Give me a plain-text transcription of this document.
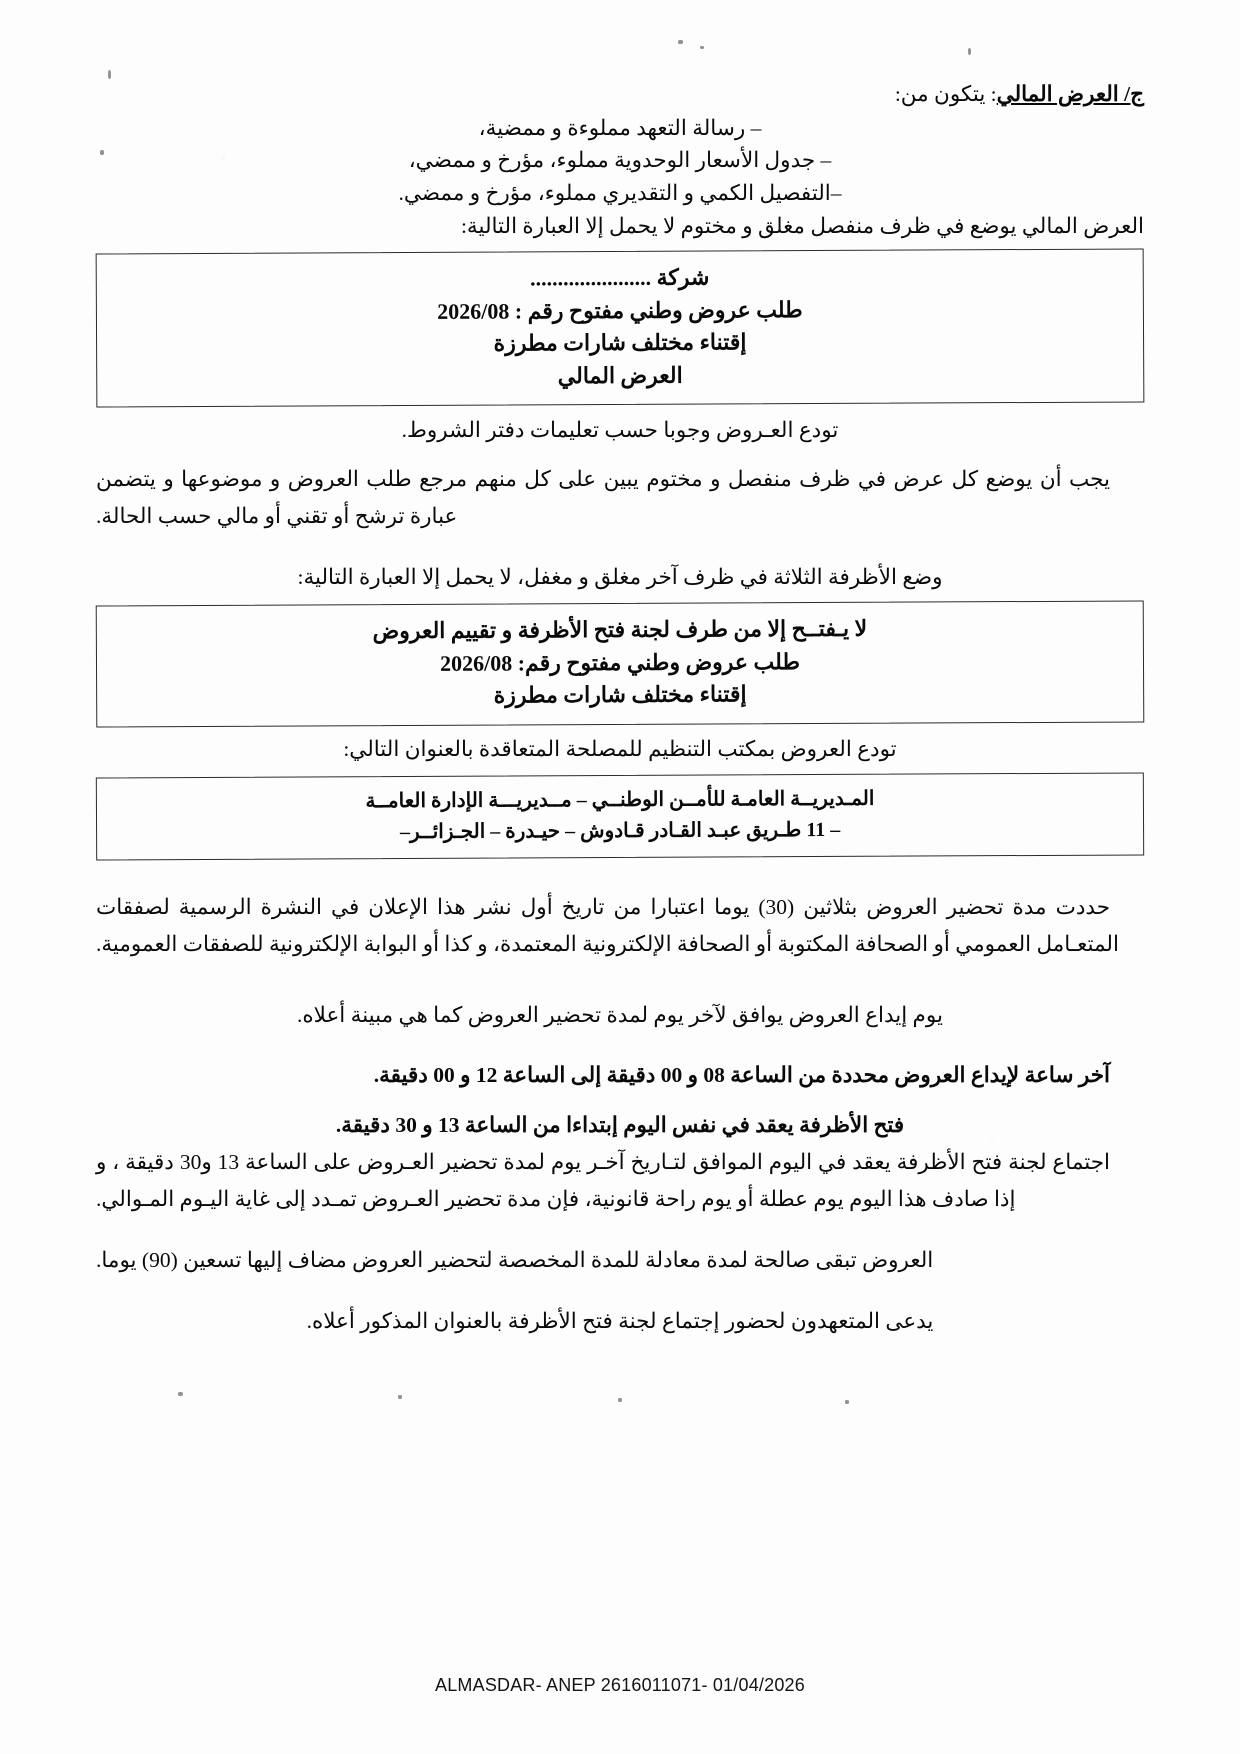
ج/ العرض المالي: يتكون من:
– رسالة التعهد مملوءة و ممضية،
– جدول الأسعار الوحدوية مملوء، مؤرخ و ممضي،
–التفصيل الكمي و التقديري مملوء، مؤرخ و ممضي.
العرض المالي يوضع في ظرف منفصل مغلق و مختوم لا يحمل إلا العبارة التالية:
شركة ......................
طلب عروض وطني مفتوح رقم : 2026/08
إقتناء مختلف شارات مطرزة
العرض المالي
تودع العـروض وجوبا حسب تعليمات دفتر الشروط.

يجب أن يوضع كل عرض في ظرف منفصل و مختوم يبين على كل منهم مرجع طلب العروض و موضوعها و يتضمن عبارة ترشح أو تقني أو مالي حسب الحالة.

وضع الأظرفة الثلاثة في ظرف آخر مغلق و مغفل، لا يحمل إلا العبارة التالية:
لا يـفتــح إلا من طرف لجنة فتح الأظرفة و تقييم العروض
طلب عروض وطني مفتوح رقم: 2026/08
إقتناء مختلف شارات مطرزة
تودع العروض بمكتب التنظيم للمصلحة المتعاقدة بالعنوان التالي:
المـديريــة العامـة للأمــن الوطنــي – مــديريـــة الإدارة العامــة
– 11 طـريق عبـد القـادر قـادوش – حيـدرة – الجـزائــر–

حددت مدة تحضير العروض بثلاثين (30) يوما اعتبارا من تاريخ أول نشر هذا الإعلان في النشرة الرسمية لصفقات المتعـامل العمومي أو الصحافة المكتوبة أو الصحافة الإلكترونية المعتمدة، و كذا أو البوابة الإلكترونية للصفقات العمومية.

يوم إيداع العروض يوافق لآخر يوم لمدة تحضير العروض كما هي مبينة أعلاه.

آخر ساعة لإيداع العروض محددة من الساعة 08 و 00 دقيقة إلى الساعة 12 و 00 دقيقة.

فتح الأظرفة يعقد في نفس اليوم إبتداءا من الساعة 13 و 30 دقيقة.

اجتماع لجنة فتح الأظرفة يعقد في اليوم الموافق لتـاريخ آخـر يوم لمدة تحضير العـروض على الساعة 13 و30 دقيقة ، و إذا صادف هذا اليوم يوم عطلة أو يوم راحة قانونية، فإن مدة تحضير العـروض تمـدد إلى غاية اليـوم المـوالي.

العروض تبقى صالحة لمدة معادلة للمدة المخصصة لتحضير العروض مضاف إليها تسعين (90) يوما.

يدعى المتعهدون لحضور إجتماع لجنة فتح الأظرفة بالعنوان المذكور أعلاه.
ALMASDAR- ANEP 2616011071- 01/04/2026
